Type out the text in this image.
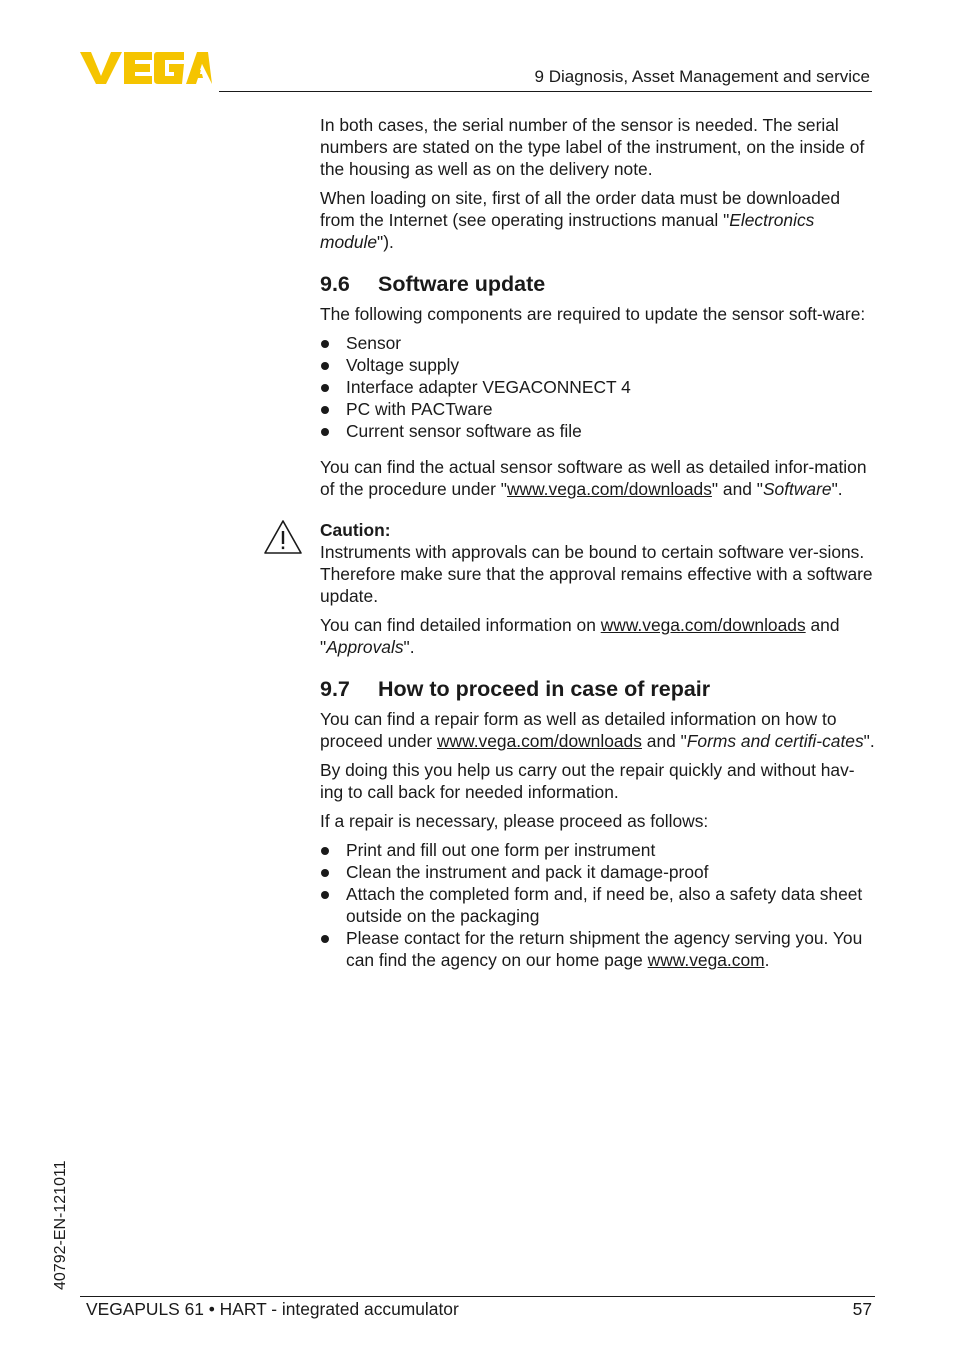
9 Diagnosis, Asset Management and service

In both cases, the serial number of the sensor is needed. The serial numbers are stated on the type label of the instrument, on the inside of the housing as well as on the delivery note.

When loading on site, first of all the order data must be downloaded from the Internet (see operating instructions manual "Electronics module").

9.6 Software update

The following components are required to update the sensor soft-ware:

Sensor
Voltage supply
Interface adapter VEGACONNECT 4
PC with PACTware
Current sensor software as file

You can find the actual sensor software as well as detailed infor-mation of the procedure under "www.vega.com/downloads" and "Software".

Caution:

Instruments with approvals can be bound to certain software ver-sions. Therefore make sure that the approval remains effective with a software update.

You can find detailed information on www.vega.com/downloads and "Approvals".

9.7 How to proceed in case of repair

You can find a repair form as well as detailed information on how to proceed under www.vega.com/downloads and "Forms and certifi-cates".

By doing this you help us carry out the repair quickly and without hav-ing to call back for needed information.

If a repair is necessary, please proceed as follows:

Print and fill out one form per instrument
Clean the instrument and pack it damage-proof
Attach the completed form and, if need be, also a safety data sheet outside on the packaging
Please contact for the return shipment the agency serving you. You can find the agency on our home page www.vega.com.
40792-EN-121011
VEGAPULS 61 • HART - integrated accumulator	57
